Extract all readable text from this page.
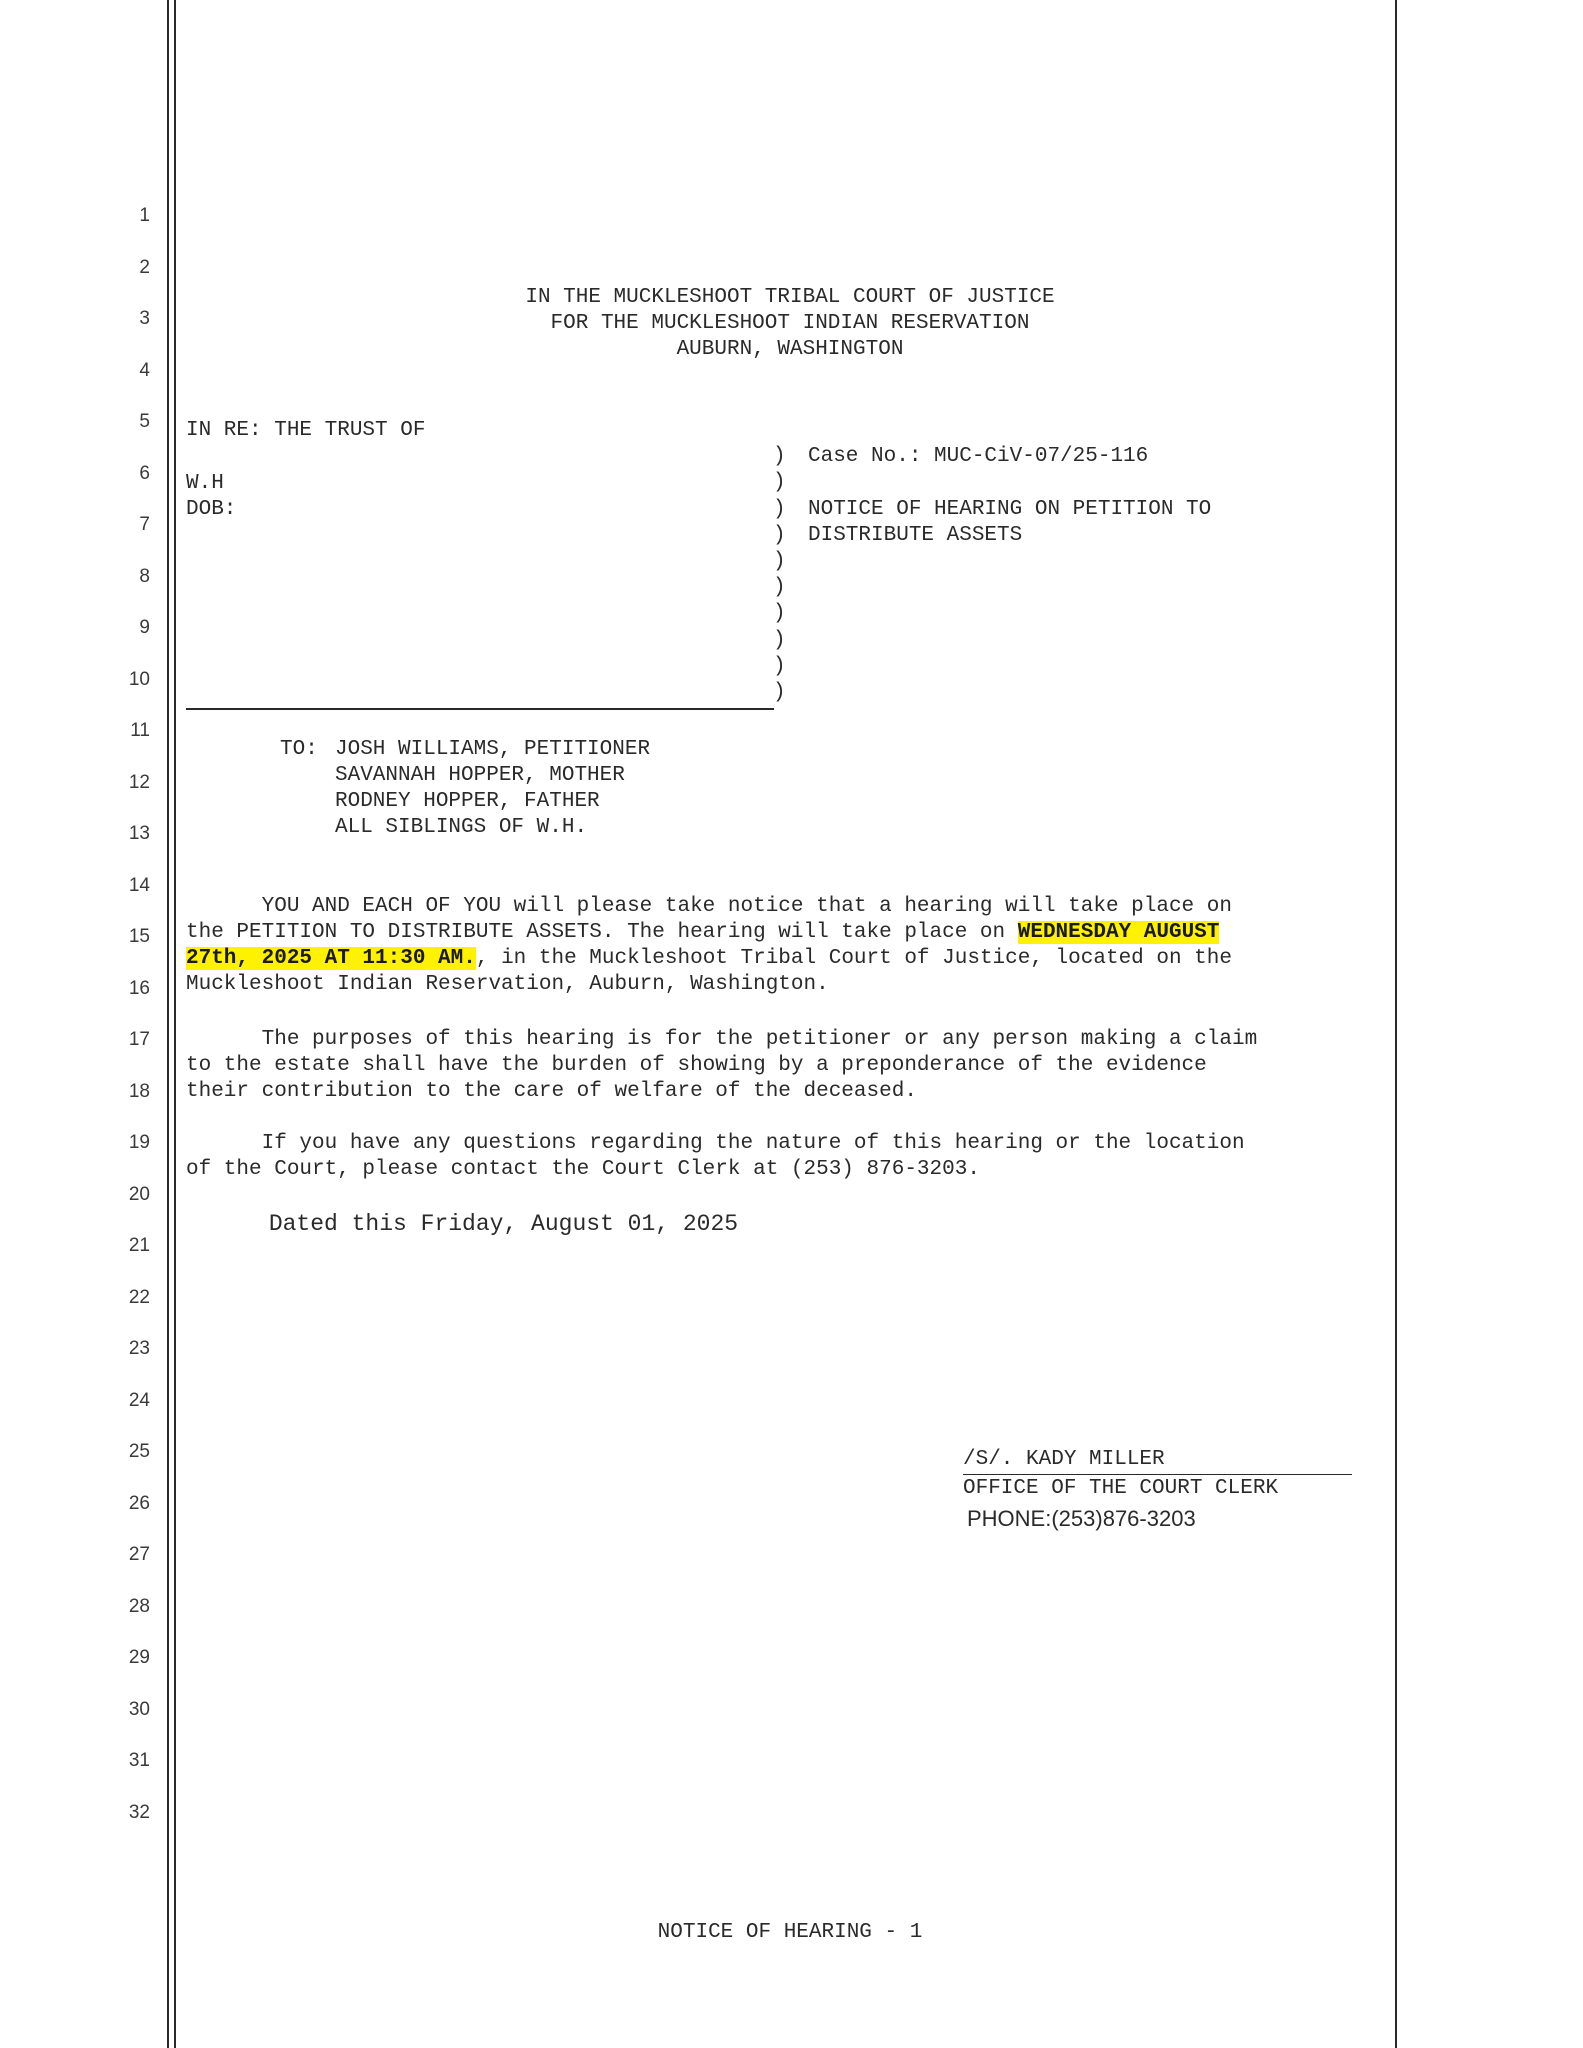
1
2
3
4
5
6
7
8
9
10
11
12
13
14
15
16
17
18
19
20
21
22
23
24
25
26
27
28
29
30
31
32
IN THE MUCKLESHOOT TRIBAL COURT OF JUSTICE
FOR THE MUCKLESHOOT INDIAN RESERVATION
AUBURN, WASHINGTON
IN RE: THE TRUST OF
W.H
DOB:
)
)
)
)
)
)
)
)
)
)
Case No.: MUC-CiV-07/25-116
NOTICE OF HEARING ON PETITION TO
DISTRIBUTE ASSETS
TO: JOSH WILLIAMS, PETITIONER
SAVANNAH HOPPER, MOTHER
RODNEY HOPPER, FATHER
ALL SIBLINGS OF W.H.
YOU AND EACH OF YOU will please take notice that a hearing will take place on
the PETITION TO DISTRIBUTE ASSETS. The hearing will take place on WEDNESDAY AUGUST
27th, 2025 AT 11:30 AM., in the Muckleshoot Tribal Court of Justice, located on the
Muckleshoot Indian Reservation, Auburn, Washington.
The purposes of this hearing is for the petitioner or any person making a claim
to the estate shall have the burden of showing by a preponderance of the evidence
their contribution to the care of welfare of the deceased.
If you have any questions regarding the nature of this hearing or the location
of the Court, please contact the Court Clerk at (253) 876-3203.
Dated this Friday, August 01, 2025
/S/. KADY MILLER
OFFICE OF THE COURT CLERK
PHONE:(253)876-3203
NOTICE OF HEARING - 1
